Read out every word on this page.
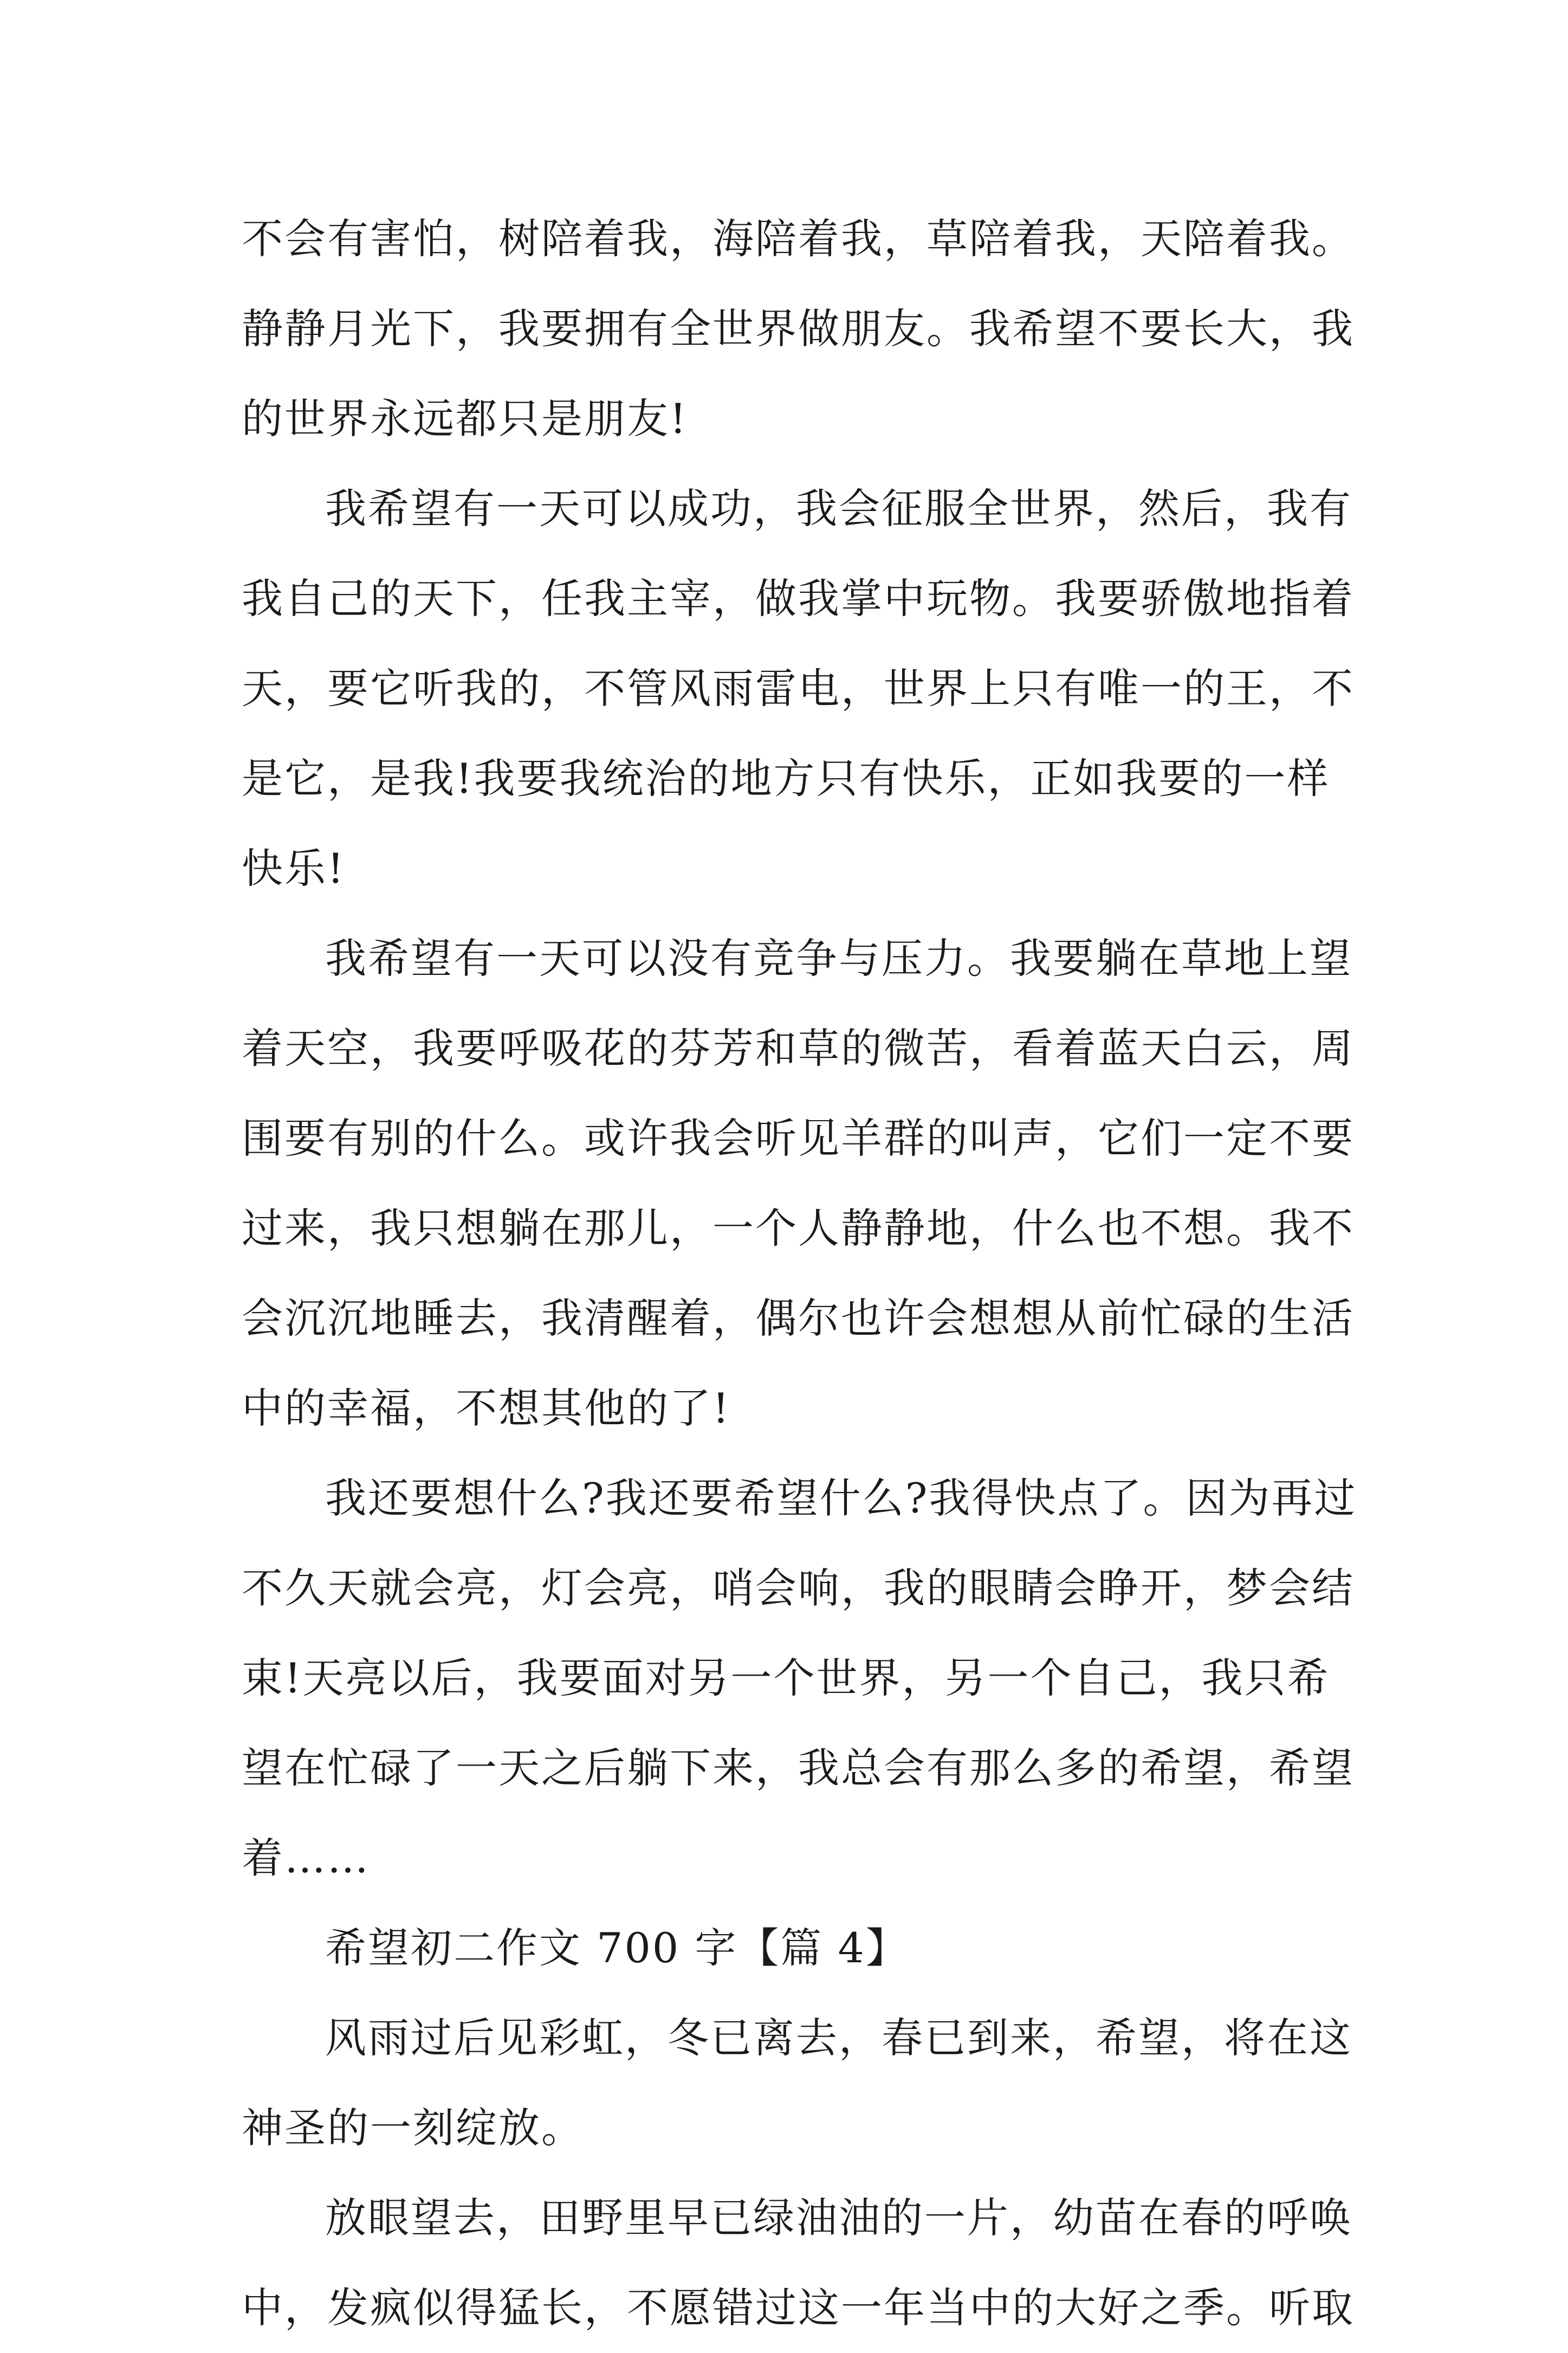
不会有害怕，树陪着我，海陪着我，草陪着我，天陪着我。
静静月光下，我要拥有全世界做朋友。我希望不要长大，我
的世界永远都只是朋友!
我希望有一天可以成功，我会征服全世界，然后，我有
我自己的天下，任我主宰，做我掌中玩物。我要骄傲地指着
天，要它听我的，不管风雨雷电，世界上只有唯一的王，不
是它，是我!我要我统治的地方只有快乐，正如我要的一样
快乐!
我希望有一天可以没有竞争与压力。我要躺在草地上望
着天空，我要呼吸花的芬芳和草的微苦，看着蓝天白云，周
围要有别的什么。或许我会听见羊群的叫声，它们一定不要
过来，我只想躺在那儿，一个人静静地，什么也不想。我不
会沉沉地睡去，我清醒着，偶尔也许会想想从前忙碌的生活
中的幸福，不想其他的了!
我还要想什么?我还要希望什么?我得快点了。因为再过
不久天就会亮，灯会亮，哨会响，我的眼睛会睁开，梦会结
束!天亮以后，我要面对另一个世界，另一个自己，我只希
望在忙碌了一天之后躺下来，我总会有那么多的希望，希望
着……
希望初二作文 700 字【篇 4】
风雨过后见彩虹，冬已离去，春已到来，希望，将在这
神圣的一刻绽放。
放眼望去，田野里早已绿油油的一片，幼苗在春的呼唤
中，发疯似得猛长，不愿错过这一年当中的大好之季。听取
